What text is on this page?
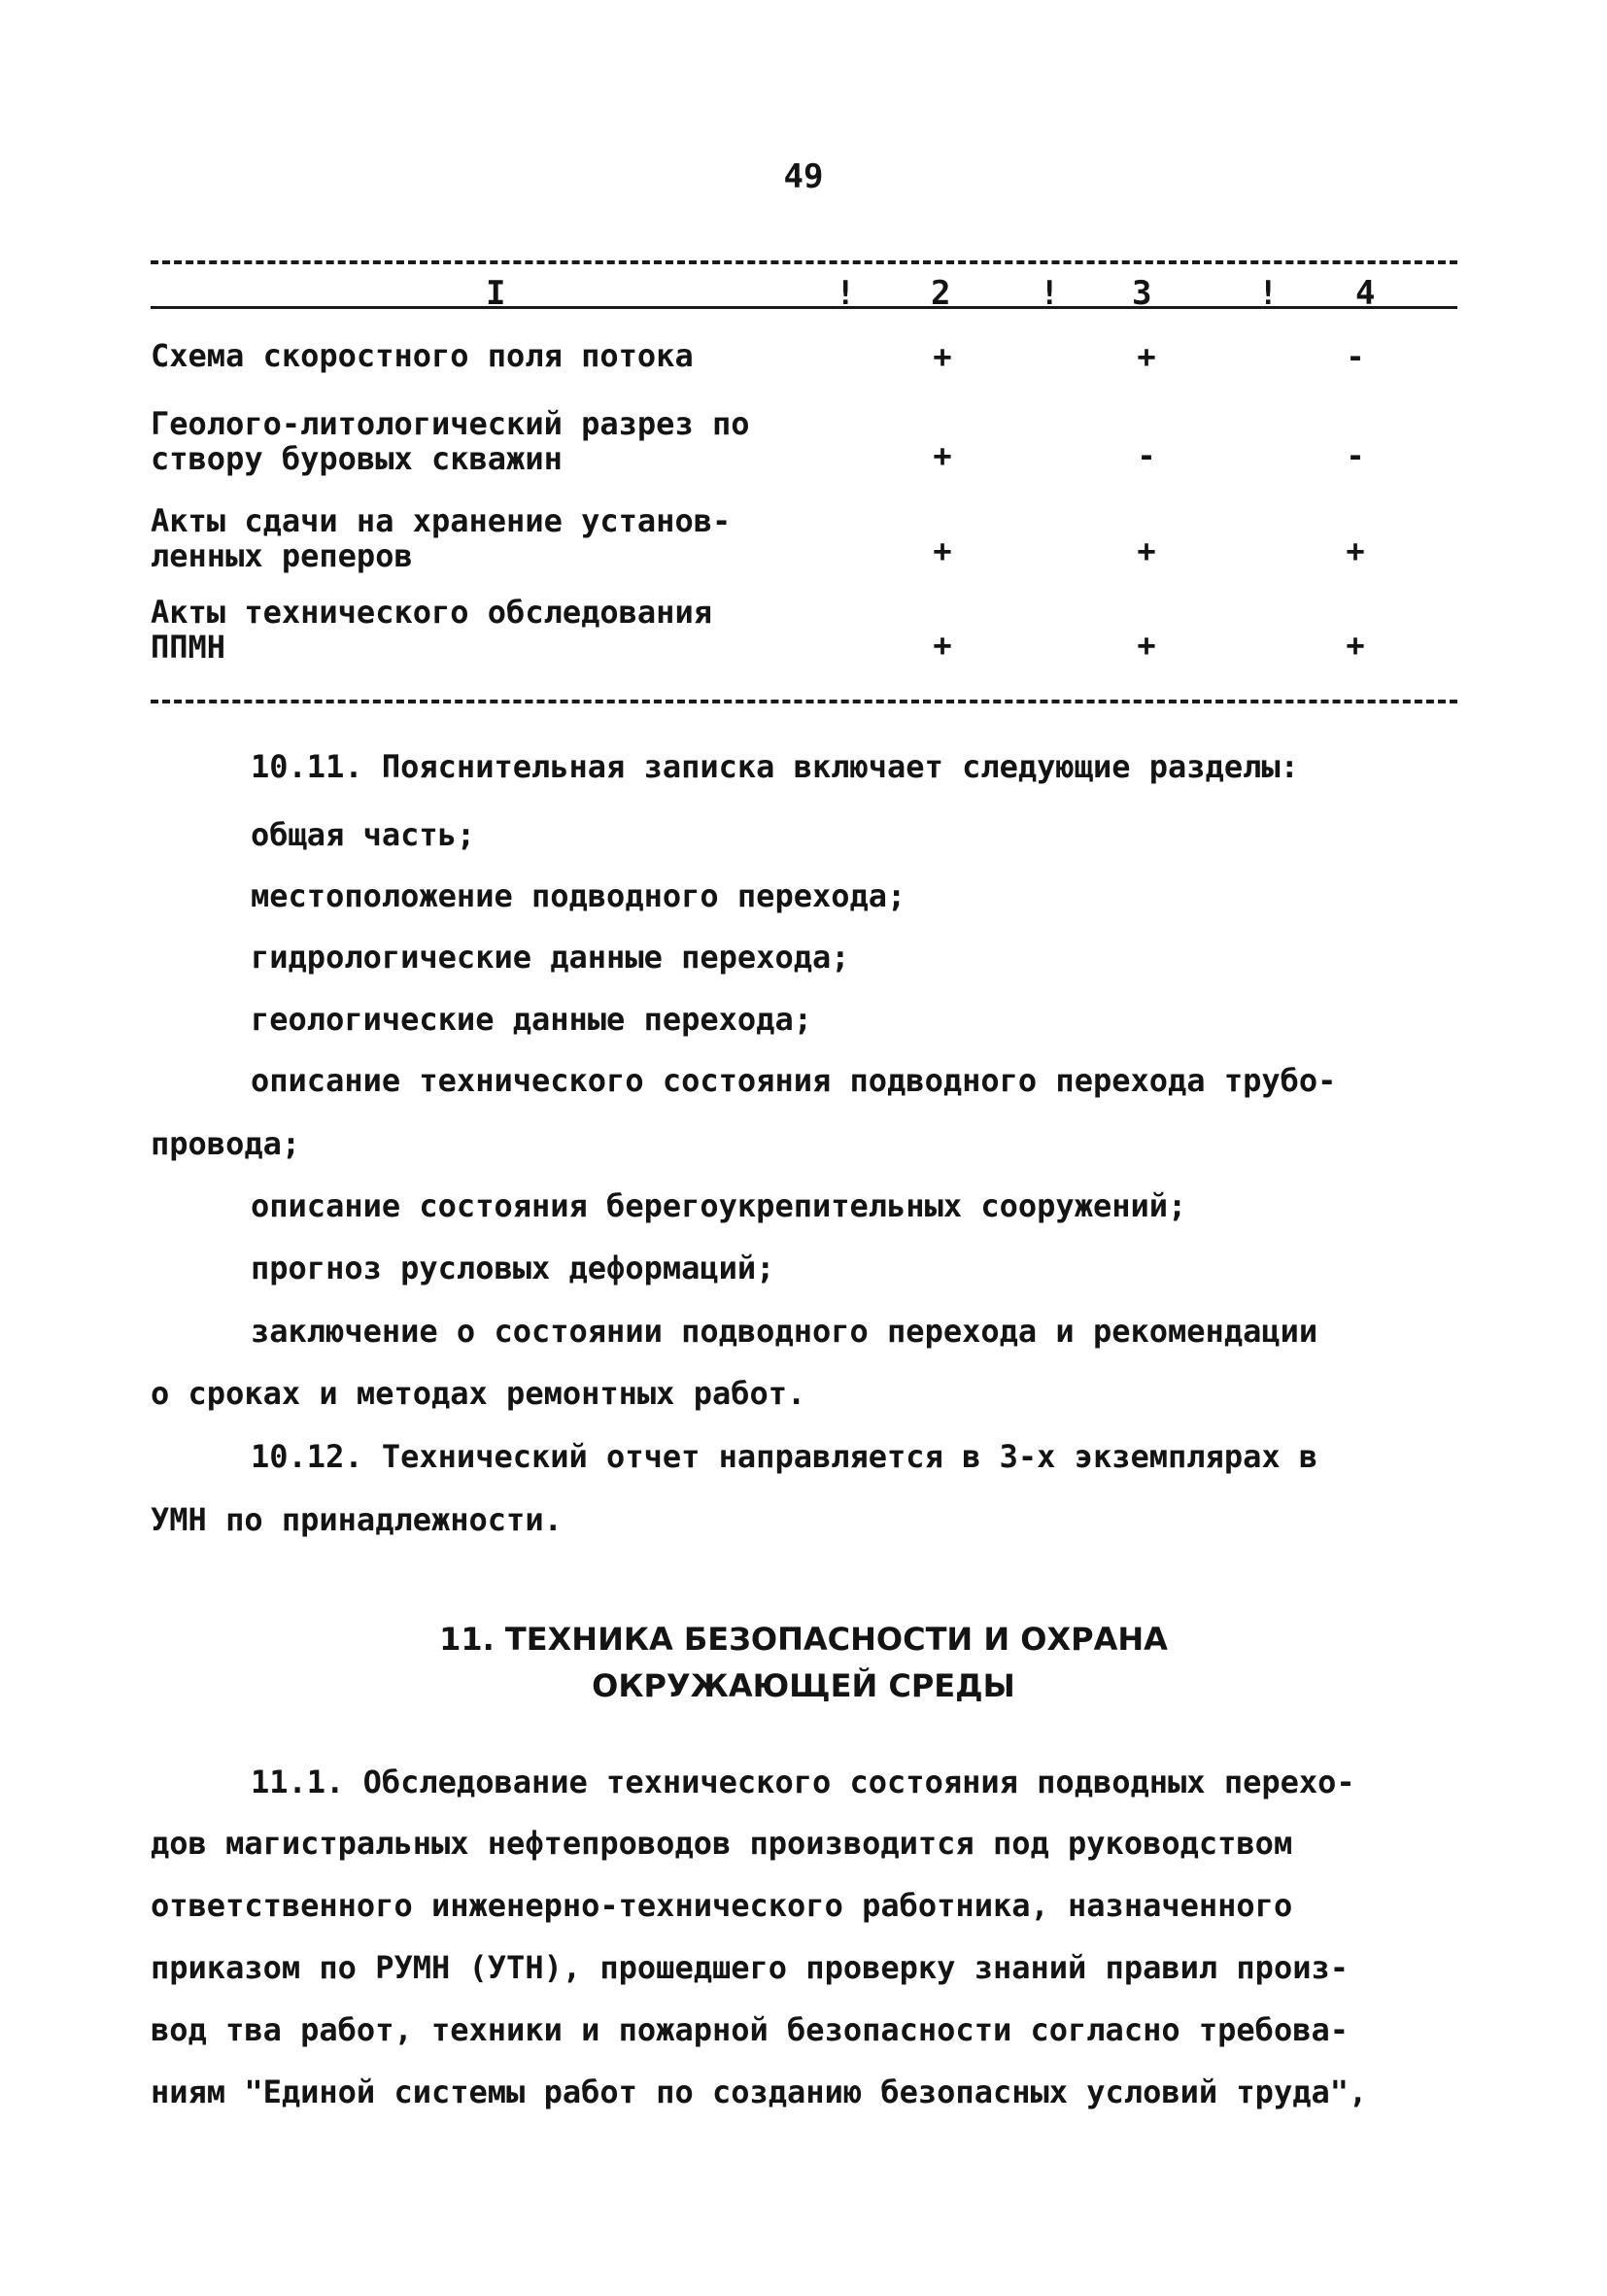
49
I	! 2	! 3	! 4
Схема скоростного поля потока	+	+	-
Геолого-литологический разрез по
створу буровых скважин	+	-	-
Акты сдачи на хранение установ-
ленных реперов	+	+	+
Акты технического обследования
ППМН	+	+	+
10.11. Пояснительная записка включает следующие разделы:
общая часть;
местоположение подводного перехода;
гидрологические данные перехода;
геологические данные перехода;
описание технического состояния подводного перехода трубо-
провода;
описание состояния берегоукрепительных сооружений;
прогноз русловых деформаций;
заключение о состоянии подводного перехода и рекомендации
о сроках и методах ремонтных работ.
10.12. Технический отчет направляется в 3-х экземплярах в
УМН по принадлежности.
11. ТЕХНИКА БЕЗОПАСНОСТИ И ОХРАНА
ОКРУЖАЮЩЕЙ СРЕДЫ
11.1. Обследование технического состояния подводных перехо-
дов магистральных нефтепроводов производится под руководством
ответственного инженерно-технического работника, назначенного
приказом по РУМН (УТН), прошедшего проверку знаний правил произ-
вод тва работ, техники и пожарной безопасности согласно требова-
ниям "Единой системы работ по созданию безопасных условий труда",
